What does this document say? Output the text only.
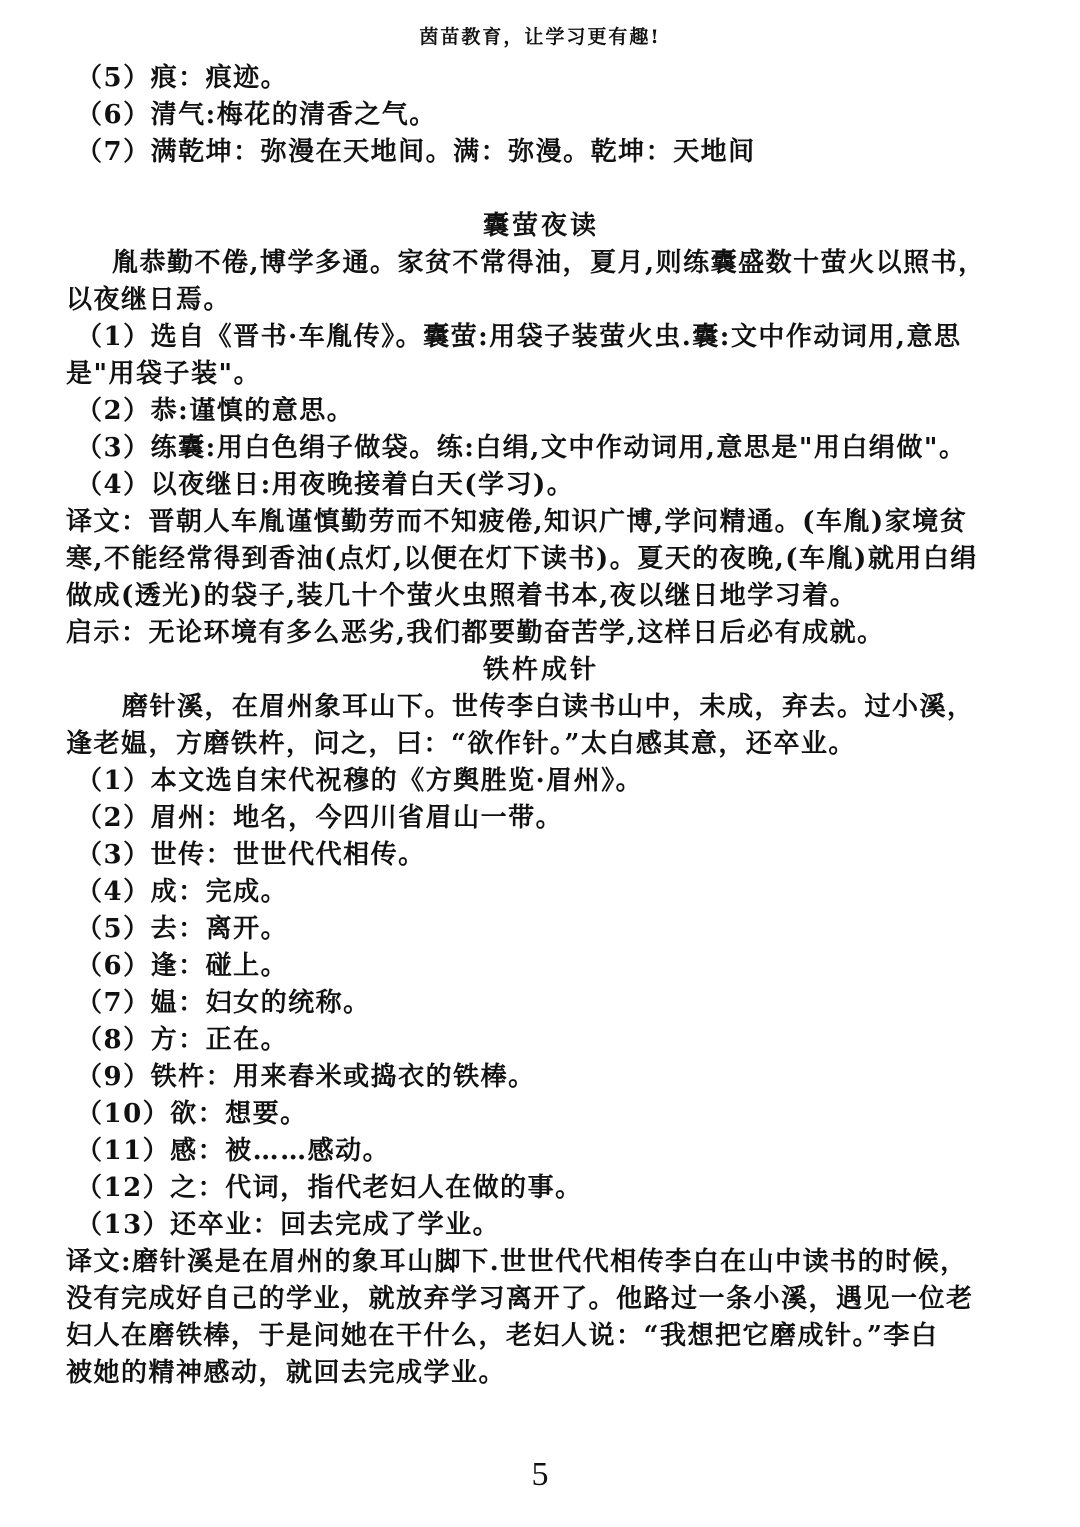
茵苗教育，让学习更有趣!
（5）痕：痕迹。
（6）清气:梅花的清香之气。
（7）满乾坤：弥漫在天地间。满：弥漫。乾坤：天地间
囊萤夜读
胤恭勤不倦,博学多通。家贫不常得油，夏月,则练囊盛数十萤火以照书，
以夜继日焉。
（1）选自《晋书·车胤传》。囊萤:用袋子装萤火虫.囊:文中作动词用,意思
是"用袋子装"。
（2）恭:谨慎的意思。
（3）练囊:用白色绢子做袋。练:白绢,文中作动词用,意思是"用白绢做"。
（4）以夜继日:用夜晚接着白天(学习)。
译文：晋朝人车胤谨慎勤劳而不知疲倦,知识广博,学问精通。(车胤)家境贫
寒,不能经常得到香油(点灯,以便在灯下读书)。夏天的夜晚,(车胤)就用白绢
做成(透光)的袋子,装几十个萤火虫照着书本,夜以继日地学习着。
启示：无论环境有多么恶劣,我们都要勤奋苦学,这样日后必有成就。
铁杵成针
磨针溪，在眉州象耳山下。世传李白读书山中，未成，弃去。过小溪，
逢老媪，方磨铁杵，问之，曰：“欲作针。”太白感其意，还卒业。
（1）本文选自宋代祝穆的《方舆胜览·眉州》。
（2）眉州：地名，今四川省眉山一带。
（3）世传：世世代代相传。
（4）成：完成。
（5）去：离开。
（6）逢：碰上。
（7）媪：妇女的统称。
（8）方：正在。
（9）铁杵：用来舂米或捣衣的铁棒。
（10）欲：想要。
（11）感：被……感动。
（12）之：代词，指代老妇人在做的事。
（13）还卒业：回去完成了学业。
译文:磨针溪是在眉州的象耳山脚下.世世代代相传李白在山中读书的时候，
没有完成好自己的学业，就放弃学习离开了。他路过一条小溪，遇见一位老
妇人在磨铁棒，于是问她在干什么，老妇人说：“我想把它磨成针。”李白
被她的精神感动，就回去完成学业。
5
